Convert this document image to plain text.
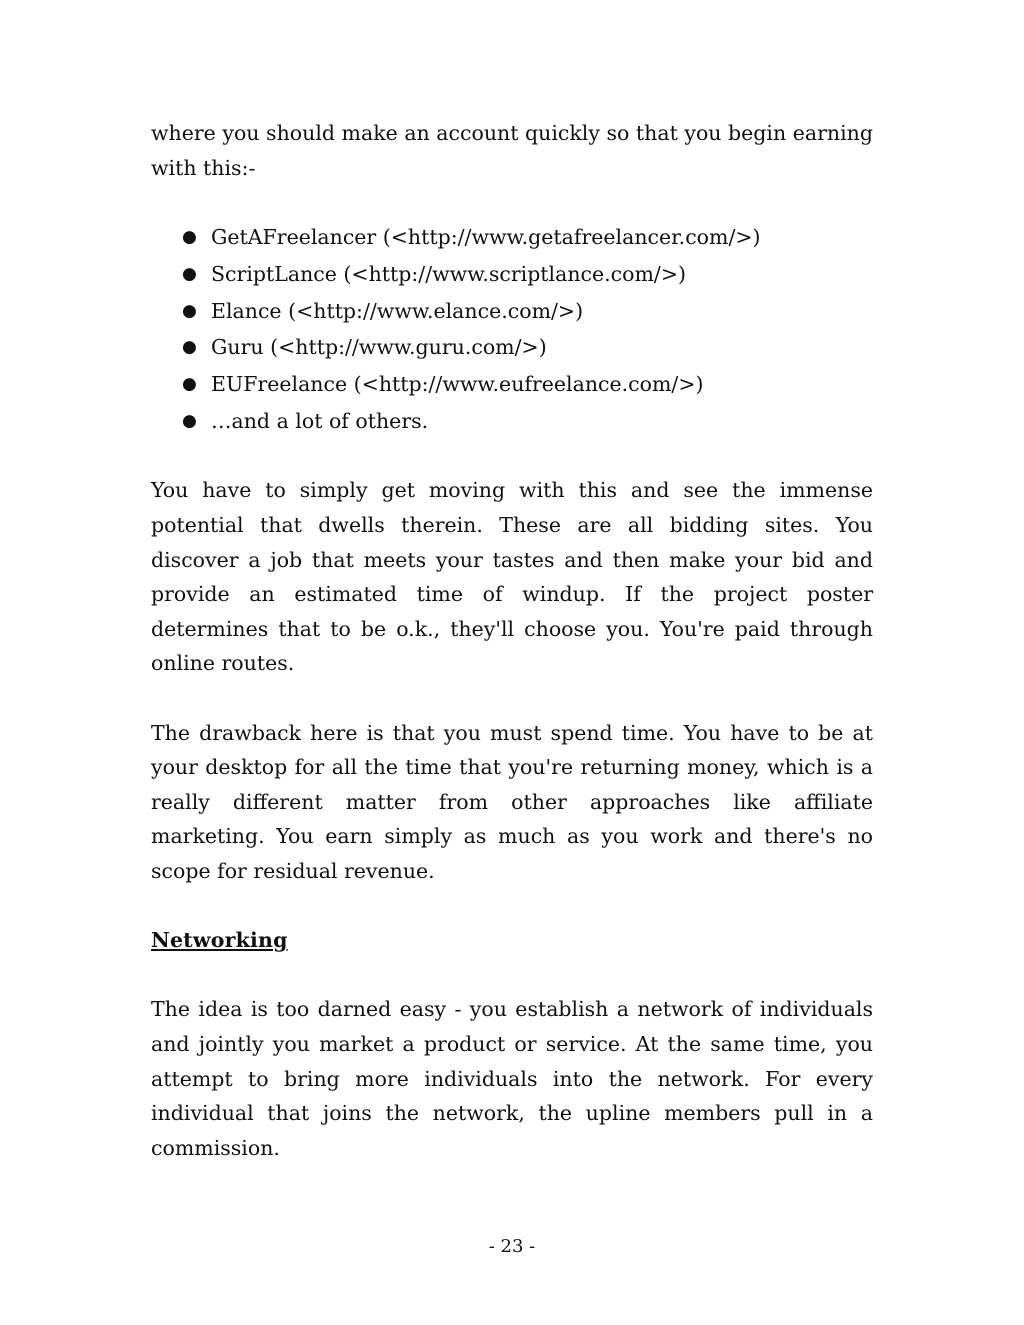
where you should make an account quickly so that you begin earning with this:-

● GetAFreelancer (<http://www.getafreelancer.com/>)
● ScriptLance (<http://www.scriptlance.com/>)
● Elance (<http://www.elance.com/>)
● Guru (<http://www.guru.com/>)
● EUFreelance (<http://www.eufreelance.com/>)
● …and a lot of others.

You have to simply get moving with this and see the immense potential that dwells therein. These are all bidding sites. You discover a job that meets your tastes and then make your bid and provide an estimated time of windup. If the project poster determines that to be o.k., they'll choose you. You're paid through online routes.

The drawback here is that you must spend time. You have to be at your desktop for all the time that you're returning money, which is a really different matter from other approaches like affiliate marketing. You earn simply as much as you work and there's no scope for residual revenue.

Networking

The idea is too darned easy - you establish a network of individuals and jointly you market a product or service. At the same time, you attempt to bring more individuals into the network. For every individual that joins the network, the upline members pull in a commission.

- 23 -
